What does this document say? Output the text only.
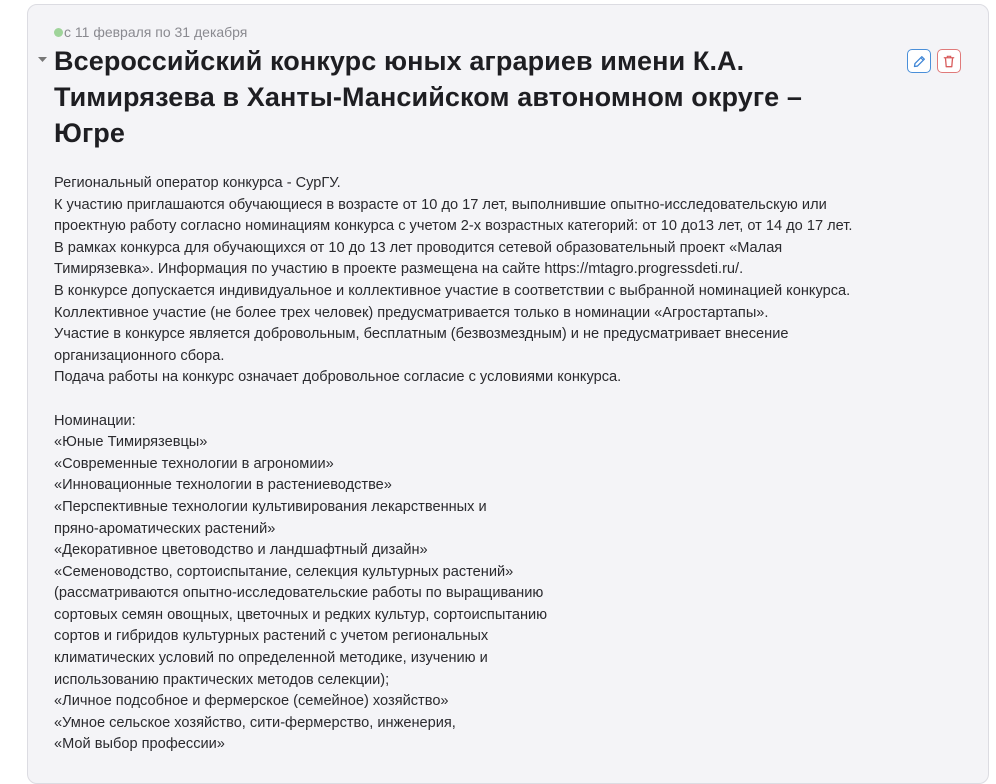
с 11 февраля по 31 декабря
Всероссийский конкурс юных аграриев имени К.А.
Тимирязева в Ханты-Мансийском автономном округе –
Югре

Региональный оператор конкурса - СурГУ.

К участию приглашаются обучающиеся в возрасте от 10 до 17 лет, выполнившие опытно-исследовательскую или

проектную работу согласно номинациям конкурса с учетом 2-х возрастных категорий: от 10 до13 лет, от 14 до 17 лет.

В рамках конкурса для обучающихся от 10 до 13 лет проводится сетевой образовательный проект «Малая

Тимирязевка». Информация по участию в проекте размещена на сайте https://mtagro.progressdeti.ru/.

В конкурсе допускается индивидуальное и коллективное участие в соответствии с выбранной номинацией конкурса.

Коллективное участие (не более трех человек) предусматривается только в номинации «Агростартапы».

Участие в конкурсе является добровольным, бесплатным (безвозмездным) и не предусматривает внесение

организационного сбора.

Подача работы на конкурс означает добровольное согласие с условиями конкурса.

Номинации:

«Юные Тимирязевцы»

«Современные технологии в агрономии»

«Инновационные технологии в растениеводстве»

«Перспективные технологии культивирования лекарственных и

пряно-ароматических растений»

«Декоративное цветоводство и ландшафтный дизайн»

«Семеноводство, сортоиспытание, селекция культурных растений»

(рассматриваются опытно-исследовательские работы по выращиванию

сортовых семян овощных, цветочных и редких культур, сортоиспытанию

сортов и гибридов культурных растений с учетом региональных

климатических условий по определенной методике, изучению и

использованию практических методов селекции);

«Личное подсобное и фермерское (семейное) хозяйство»

«Умное сельское хозяйство, сити-фермерство, инженерия,

«Мой выбор профессии»
